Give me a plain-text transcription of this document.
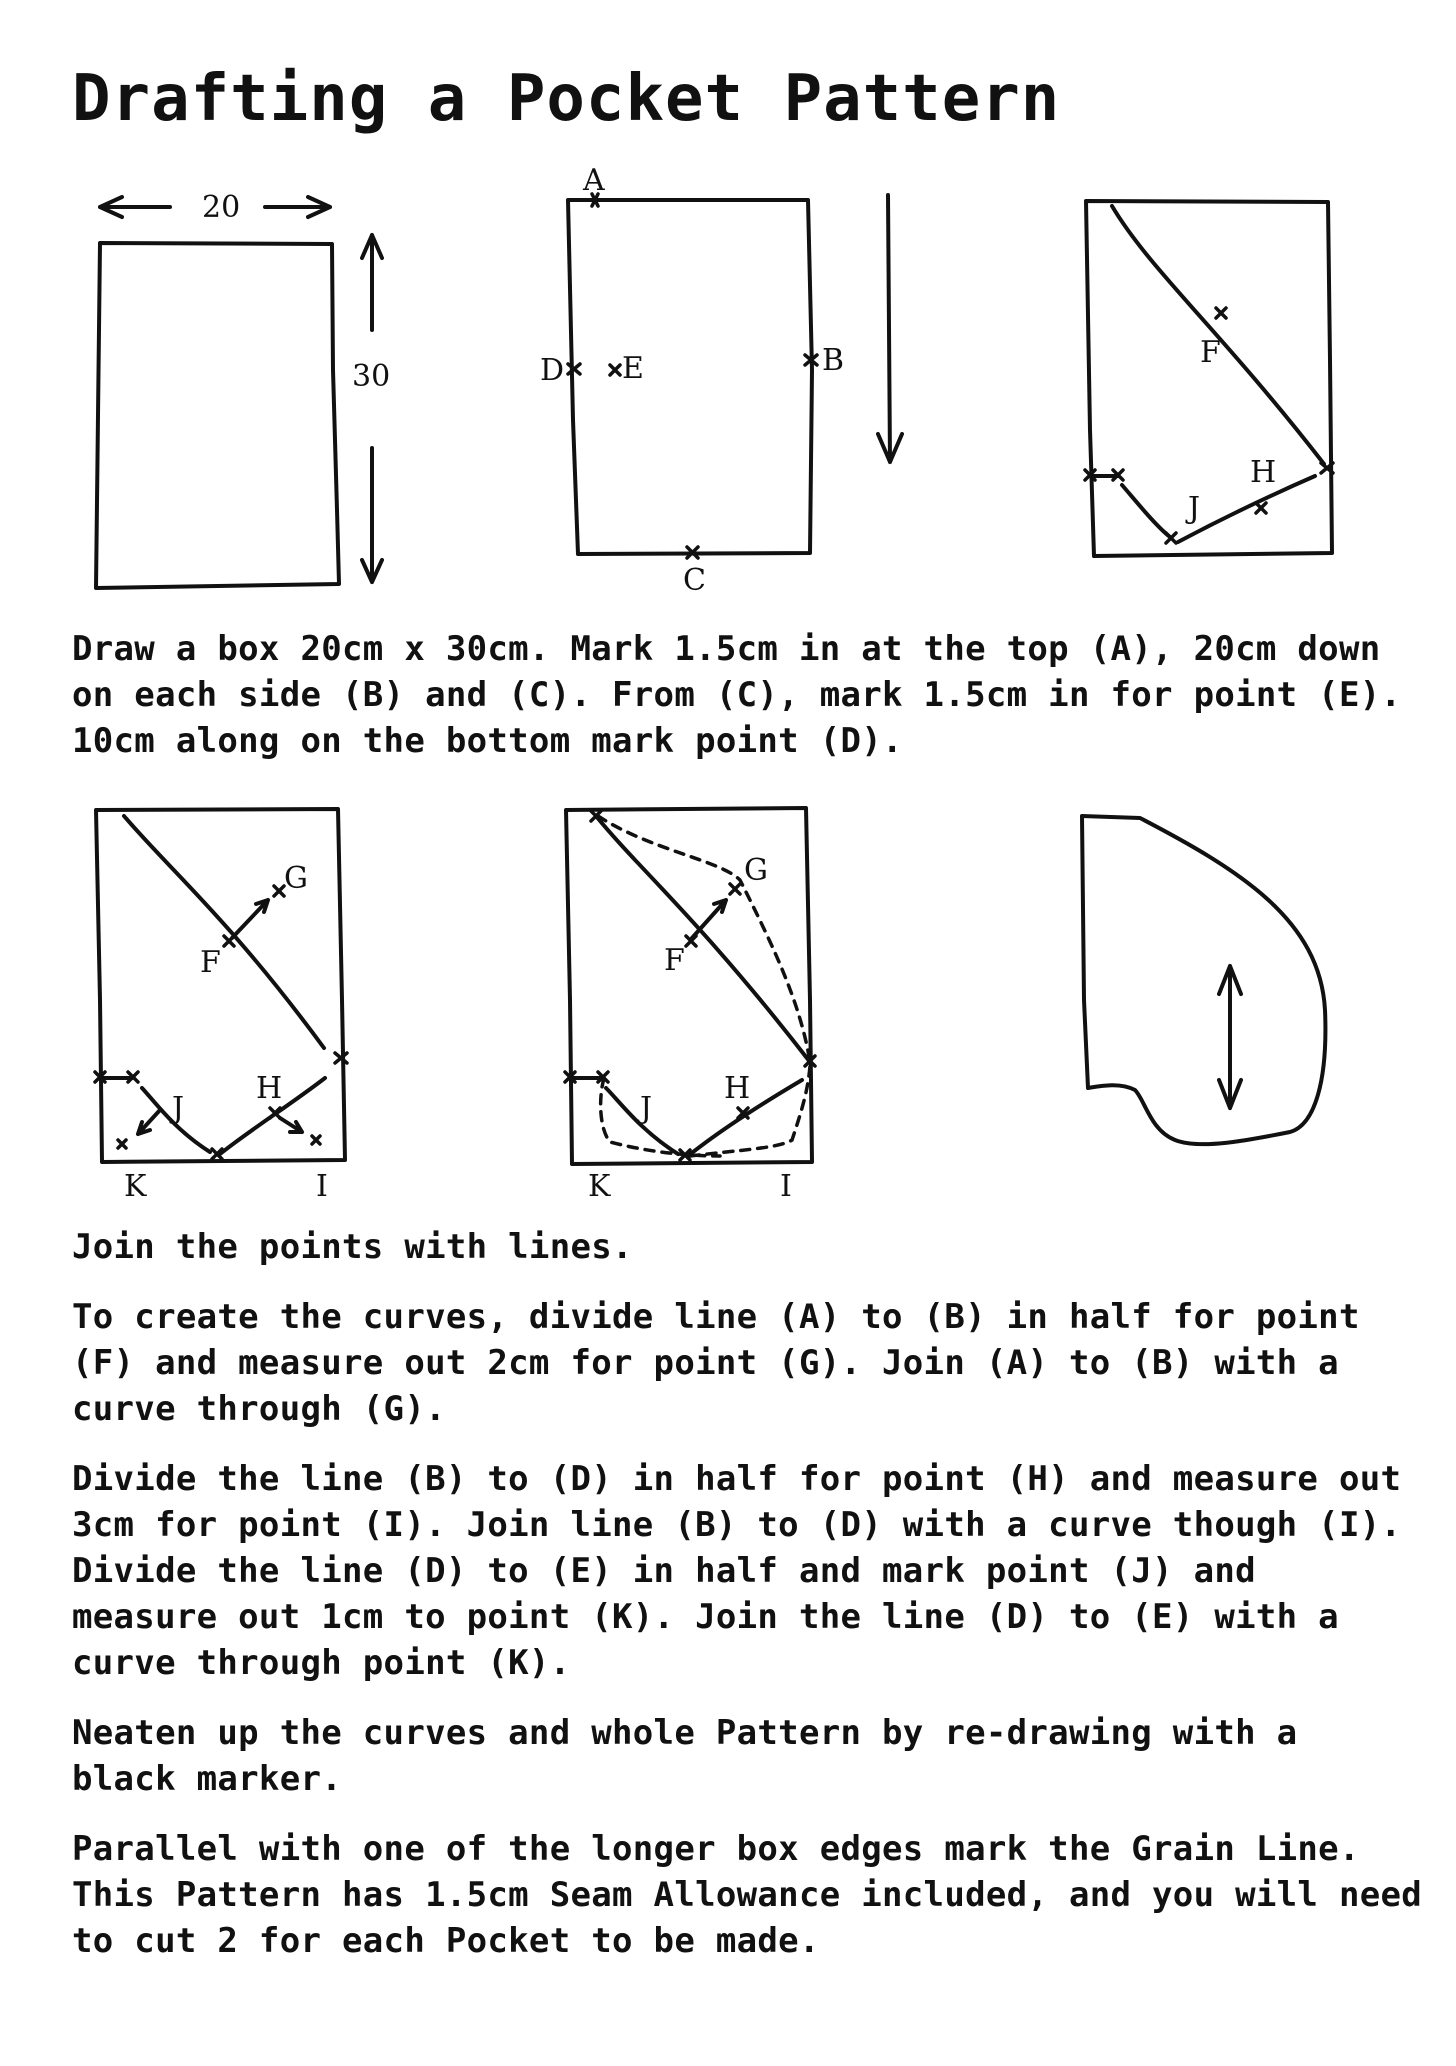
Drafting a Pocket Pattern
20
30
A
B
C
D E	F
J
H
F
G
J
H
K	I
F
G
J
H
K	I

Draw a box 20cm x 30cm. Mark 1.5cm in at the top (A), 20cm down on each side (B) and (C). From (C), mark 1.5cm in for point (E). 10cm along on the bottom mark point (D).

Join the points with lines.

To create the curves, divide line (A) to (B) in half for point (F) and measure out 2cm for point (G). Join (A) to (B) with a curve through (G).

Divide the line (B) to (D) in half for point (H) and measure out 3cm for point (I). Join line (B) to (D) with a curve though (I). Divide the line (D) to (E) in half and mark point (J) and measure out 1cm to point (K). Join the line (D) to (E) with a curve through point (K).

Neaten up the curves and whole Pattern by re-drawing with a black marker.

Parallel with one of the longer box edges mark the Grain Line. This Pattern has 1.5cm Seam Allowance included, and you will need to cut 2 for each Pocket to be made.
